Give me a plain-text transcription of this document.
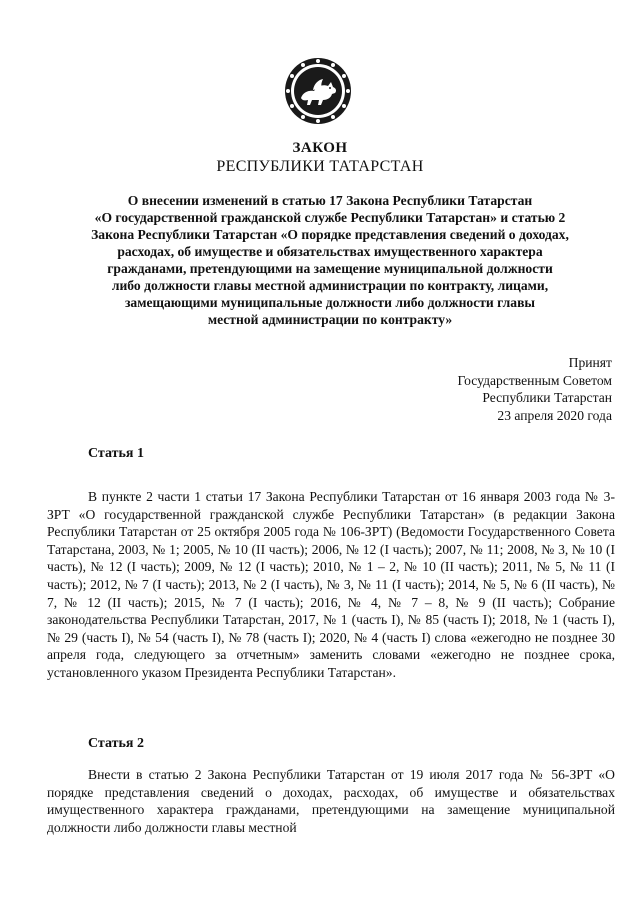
ЗАКОН
РЕСПУБЛИКИ ТАТАРСТАН
О внесении изменений в статью 17 Закона Республики Татарстан
«О государственной гражданской службе Республики Татарстан» и статью 2
Закона Республики Татарстан «О порядке представления сведений о доходах,
расходах, об имуществе и обязательствах имущественного характера
гражданами, претендующими на замещение муниципальной должности
либо должности главы местной администрации по контракту, лицами,
замещающими муниципальные должности либо должности главы
местной администрации по контракту»
Принят
Государственным Советом
Республики Татарстан
23 апреля 2020 года
Статья 1

В пункте 2 части 1 статьи 17 Закона Республики Татарстан от 16 января 2003 года № 3-ЗРТ «О государственной гражданской службе Республики Татарстан» (в редакции Закона Республики Татарстан от 25 октября 2005 года № 106-ЗРТ) (Ведомости Государственного Совета Татарстана, 2003, № 1; 2005, № 10 (II часть); 2006, № 12 (I часть); 2007, № 11; 2008, № 3, № 10 (I часть), № 12 (I часть); 2009, № 12 (I часть); 2010, № 1 – 2, № 10 (II часть); 2011, № 5, № 11 (I часть); 2012, № 7 (I часть); 2013, № 2 (I часть), № 3, № 11 (I часть); 2014, № 5, № 6 (II часть), № 7, № 12 (II часть); 2015, № 7 (I часть); 2016, № 4, № 7 – 8, № 9 (II часть); Собрание законодательства Республики Татарстан, 2017, № 1 (часть I), № 85 (часть I); 2018, № 1 (часть I), № 29 (часть I), № 54 (часть I), № 78 (часть I); 2020, № 4 (часть I) слова «ежегодно не позднее 30 апреля года, следующего за отчетным» заменить словами «ежегодно не позднее срока, установленного указом Президента Республики Татарстан».

Статья 2

Внести в статью 2 Закона Республики Татарстан от 19 июля 2017 года № 56-ЗРТ «О порядке представления сведений о доходах, расходах, об имуществе и обязательствах имущественного характера гражданами, претендующими на замещение муниципальной должности либо должности главы местной
